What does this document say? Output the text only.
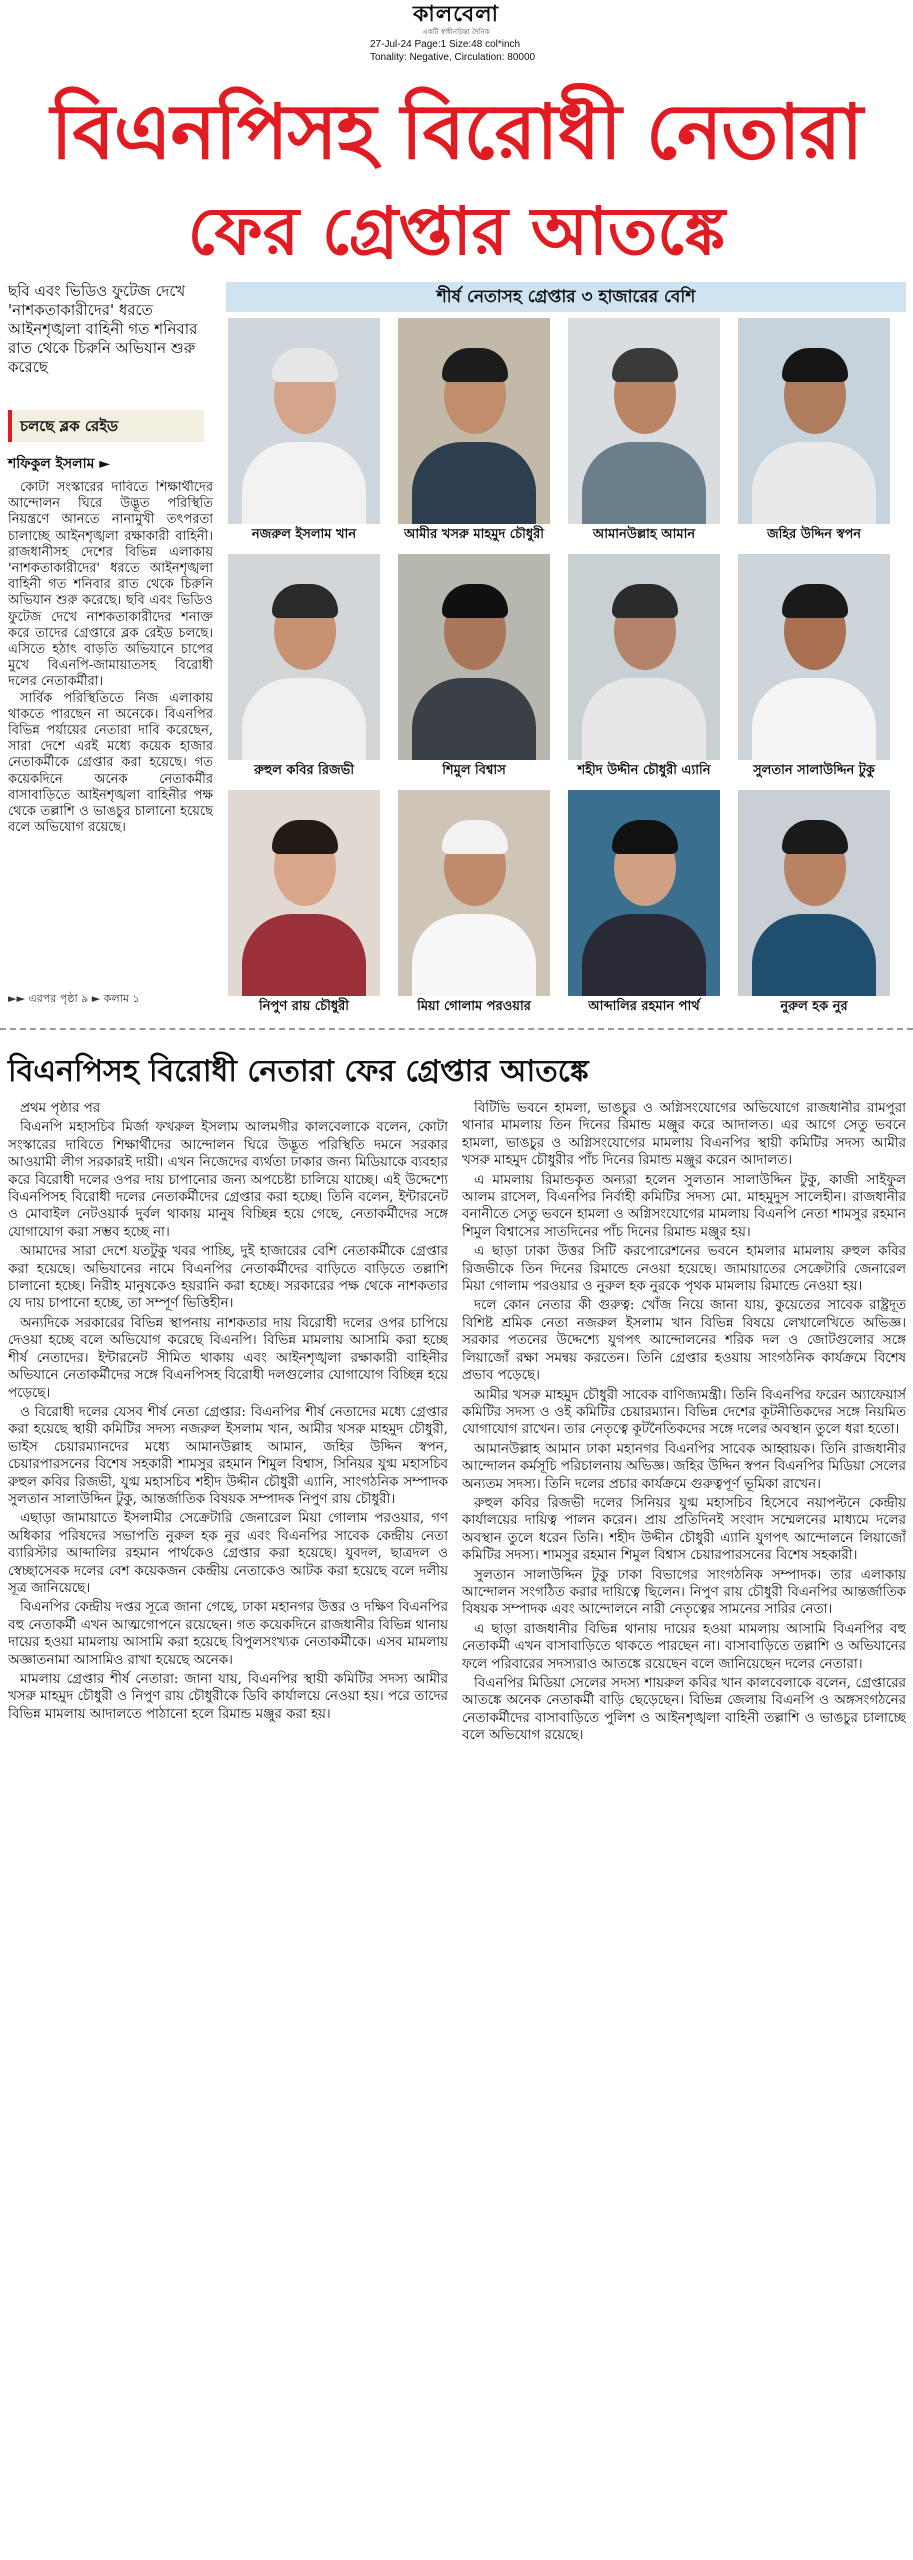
কালবেলা
একটি স্বাধীনচিন্তা দৈনিক
27-Jul-24 Page:1 Size:48 col*inch
Tonality: Negative, Circulation: 80000
বিএনপিসহ বিরোধী নেতারা
ফের গ্রেপ্তার আতঙ্কে
ছবি এবং ভিডিও ফুটেজ দেখে 'নাশকতাকারীদের' ধরতে আইনশৃঙ্খলা বাহিনী গত শনিবার রাত থেকে চিরুনি অভিযান শুরু করেছে
চলছে ব্লক রেইড
শফিকুল ইসলাম ►

কোটা সংস্কারের দাবিতে শিক্ষার্থীদের আন্দোলন ঘিরে উদ্ভূত পরিস্থিতি নিয়ন্ত্রণে আনতে নানামুখী তৎপরতা চালাচ্ছে আইনশৃঙ্খলা রক্ষাকারী বাহিনী। রাজধানীসহ দেশের বিভিন্ন এলাকায় 'নাশকতাকারীদের' ধরতে আইনশৃঙ্খলা বাহিনী গত শনিবার রাত থেকে চিরুনি অভিযান শুরু করেছে। ছবি এবং ভিডিও ফুটেজ দেখে নাশকতাকারীদের শনাক্ত করে তাদের গ্রেপ্তারে ব্লক রেইড চলছে। এসিতে হঠাৎ বাড়তি অভিযানে চাপের মুখে বিএনপি-জামায়াতসহ বিরোধী দলের নেতাকর্মীরা।

সার্বিক পরিস্থিতিতে নিজ এলাকায় থাকতে পারছেন না অনেকে। বিএনপির বিভিন্ন পর্যায়ের নেতারা দাবি করেছেন, সারা দেশে এরই মধ্যে কয়েক হাজার নেতাকর্মীকে গ্রেপ্তার করা হয়েছে। গত কয়েকদিনে অনেক নেতাকর্মীর বাসাবাড়িতে আইনশৃঙ্খলা বাহিনীর পক্ষ থেকে তল্লাশি ও ভাঙচুর চালানো হয়েছে বলে অভিযোগ রয়েছে।

►► এরপর পৃষ্ঠা ৯ ► কলাম ১
শীর্ষ নেতাসহ গ্রেপ্তার ৩ হাজারের বেশি
নজরুল ইসলাম খান	আমীর খসরু মাহমুদ চৌধুরী	আমানউল্লাহ আমান	জহির উদ্দিন স্বপন
রুহুল কবির রিজভী	শিমুল বিশ্বাস	শহীদ উদ্দীন চৌধুরী এ্যানি	সুলতান সালাউদ্দিন টুকু
নিপুণ রায় চৌধুরী	মিয়া গোলাম পরওয়ার	আব্দালির রহমান পার্থ	নুরুল হক নুর
বিএনপিসহ বিরোধী নেতারা ফের গ্রেপ্তার আতঙ্কে

প্রথম পৃষ্ঠার পর

বিএনপি মহাসচিব মির্জা ফখরুল ইসলাম আলমগীর কালবেলাকে বলেন, কোটা সংস্কারের দাবিতে শিক্ষার্থীদের আন্দোলন ঘিরে উদ্ভূত পরিস্থিতি দমনে সরকার আওয়ামী লীগ সরকারই দায়ী। এখন নিজেদের ব্যর্থতা ঢাকার জন্য মিডিয়াকে ব্যবহার করে বিরোধী দলের ওপর দায় চাপানোর জন্য অপচেষ্টা চালিয়ে যাচ্ছে। এই উদ্দেশ্যে বিএনপিসহ বিরোধী দলের নেতাকর্মীদের গ্রেপ্তার করা হচ্ছে। তিনি বলেন, ইন্টারনেট ও মোবাইল নেটওয়ার্ক দুর্বল থাকায় মানুষ বিচ্ছিন্ন হয়ে গেছে, নেতাকর্মীদের সঙ্গে যোগাযোগ করা সম্ভব হচ্ছে না।

আমাদের সারা দেশে যতটুকু খবর পাচ্ছি, দুই হাজারের বেশি নেতাকর্মীকে গ্রেপ্তার করা হয়েছে। অভিযানের নামে বিএনপির নেতাকর্মীদের বাড়িতে বাড়িতে তল্লাশি চালানো হচ্ছে। নিরীহ মানুষকেও হয়রানি করা হচ্ছে। সরকারের পক্ষ থেকে নাশকতার যে দায় চাপানো হচ্ছে, তা সম্পূর্ণ ভিত্তিহীন।

অন্যদিকে সরকারের বিভিন্ন স্থাপনায় নাশকতার দায় বিরোধী দলের ওপর চাপিয়ে দেওয়া হচ্ছে বলে অভিযোগ করেছে বিএনপি। বিভিন্ন মামলায় আসামি করা হচ্ছে শীর্ষ নেতাদের। ইন্টারনেট সীমিত থাকায় এবং আইনশৃঙ্খলা রক্ষাকারী বাহিনীর অভিযানে নেতাকর্মীদের সঙ্গে বিএনপিসহ বিরোধী দলগুলোর যোগাযোগ বিচ্ছিন্ন হয়ে পড়েছে।

ও বিরোধী দলের যেসব শীর্ষ নেতা গ্রেপ্তার: বিএনপির শীর্ষ নেতাদের মধ্যে গ্রেপ্তার করা হয়েছে স্থায়ী কমিটির সদস্য নজরুল ইসলাম খান, আমীর খসরু মাহমুদ চৌধুরী, ভাইস চেয়ারম্যানদের মধ্যে আমানউল্লাহ আমান, জহির উদ্দিন স্বপন, চেয়ারপারসনের বিশেষ সহকারী শামসুর রহমান শিমুল বিশ্বাস, সিনিয়র যুগ্ম মহাসচিব রুহুল কবির রিজভী, যুগ্ম মহাসচিব শহীদ উদ্দীন চৌধুরী এ্যানি, সাংগঠনিক সম্পাদক সুলতান সালাউদ্দিন টুকু, আন্তর্জাতিক বিষয়ক সম্পাদক নিপুণ রায় চৌধুরী।

এছাড়া জামায়াতে ইসলামীর সেক্রেটারি জেনারেল মিয়া গোলাম পরওয়ার, গণ অধিকার পরিষদের সভাপতি নুরুল হক নুর এবং বিএনপির সাবেক কেন্দ্রীয় নেতা ব্যারিস্টার আব্দালির রহমান পার্থকেও গ্রেপ্তার করা হয়েছে। যুবদল, ছাত্রদল ও স্বেচ্ছাসেবক দলের বেশ কয়েকজন কেন্দ্রীয় নেতাকেও আটক করা হয়েছে বলে দলীয় সূত্র জানিয়েছে।

বিএনপির কেন্দ্রীয় দপ্তর সূত্রে জানা গেছে, ঢাকা মহানগর উত্তর ও দক্ষিণ বিএনপির বহু নেতাকর্মী এখন আত্মগোপনে রয়েছেন। গত কয়েকদিনে রাজধানীর বিভিন্ন থানায় দায়ের হওয়া মামলায় আসামি করা হয়েছে বিপুলসংখ্যক নেতাকর্মীকে। এসব মামলায় অজ্ঞাতনামা আসামিও রাখা হয়েছে অনেক।

মামলায় গ্রেপ্তার শীর্ষ নেতারা: জানা যায়, বিএনপির স্থায়ী কমিটির সদস্য আমীর খসরু মাহমুদ চৌধুরী ও নিপুণ রায় চৌধুরীকে ডিবি কার্যালয়ে নেওয়া হয়। পরে তাদের বিভিন্ন মামলায় আদালতে পাঠানো হলে রিমান্ড মঞ্জুর করা হয়।

বিটিভি ভবনে হামলা, ভাঙচুর ও অগ্নিসংযোগের অভিযোগে রাজধানীর রামপুরা থানার মামলায় তিন দিনের রিমান্ড মঞ্জুর করে আদালত। এর আগে সেতু ভবনে হামলা, ভাঙচুর ও অগ্নিসংযোগের মামলায় বিএনপির স্থায়ী কমিটির সদস্য আমীর খসরু মাহমুদ চৌধুরীর পাঁচ দিনের রিমান্ড মঞ্জুর করেন আদালত।

এ মামলায় রিমান্ডকৃত অন্যরা হলেন সুলতান সালাউদ্দিন টুকু, কাজী সাইফুল আলম রাসেল, বিএনপির নির্বাহী কমিটির সদস্য মো. মাহমুদুস সালেহীন। রাজধানীর বনানীতে সেতু ভবনে হামলা ও অগ্নিসংযোগের মামলায় বিএনপি নেতা শামসুর রহমান শিমুল বিশ্বাসের সাতদিনের পাঁচ দিনের রিমান্ড মঞ্জুর হয়।

এ ছাড়া ঢাকা উত্তর সিটি করপোরেশনের ভবনে হামলার মামলায় রুহুল কবির রিজভীকে তিন দিনের রিমান্ডে নেওয়া হয়েছে। জামায়াতের সেক্রেটারি জেনারেল মিয়া গোলাম পরওয়ার ও নুরুল হক নুরকে পৃথক মামলায় রিমান্ডে নেওয়া হয়।

দলে কোন নেতার কী গুরুত্ব: খোঁজ নিয়ে জানা যায়, কুয়েতের সাবেক রাষ্ট্রদূত বিশিষ্ট শ্রমিক নেতা নজরুল ইসলাম খান বিভিন্ন বিষয়ে লেখালেখিতে অভিজ্ঞ। সরকার পতনের উদ্দেশ্যে যুগপৎ আন্দোলনের শরিক দল ও জোটগুলোর সঙ্গে লিয়াজোঁ রক্ষা সমন্বয় করতেন। তিনি গ্রেপ্তার হওয়ায় সাংগঠনিক কার্যক্রমে বিশেষ প্রভাব পড়েছে।

আমীর খসরু মাহমুদ চৌধুরী সাবেক বাণিজ্যমন্ত্রী। তিনি বিএনপির ফরেন অ্যাফেয়ার্স কমিটির সদস্য ও ওই কমিটির চেয়ারম্যান। বিভিন্ন দেশের কূটনীতিকদের সঙ্গে নিয়মিত যোগাযোগ রাখেন। তার নেতৃত্বে কূটনৈতিকদের সঙ্গে দলের অবস্থান তুলে ধরা হতো।

আমানউল্লাহ আমান ঢাকা মহানগর বিএনপির সাবেক আহ্বায়ক। তিনি রাজধানীর আন্দোলন কর্মসূচি পরিচালনায় অভিজ্ঞ। জহির উদ্দিন স্বপন বিএনপির মিডিয়া সেলের অন্যতম সদস্য। তিনি দলের প্রচার কার্যক্রমে গুরুত্বপূর্ণ ভূমিকা রাখেন।

রুহুল কবির রিজভী দলের সিনিয়র যুগ্ম মহাসচিব হিসেবে নয়াপল্টনে কেন্দ্রীয় কার্যালয়ের দায়িত্ব পালন করেন। প্রায় প্রতিদিনই সংবাদ সম্মেলনের মাধ্যমে দলের অবস্থান তুলে ধরেন তিনি। শহীদ উদ্দীন চৌধুরী এ্যানি যুগপৎ আন্দোলনে লিয়াজোঁ কমিটির সদস্য। শামসুর রহমান শিমুল বিশ্বাস চেয়ারপারসনের বিশেষ সহকারী।

সুলতান সালাউদ্দিন টুকু ঢাকা বিভাগের সাংগঠনিক সম্পাদক। তার এলাকায় আন্দোলন সংগঠিত করার দায়িত্বে ছিলেন। নিপুণ রায় চৌধুরী বিএনপির আন্তর্জাতিক বিষয়ক সম্পাদক এবং আন্দোলনে নারী নেতৃত্বের সামনের সারির নেতা।

এ ছাড়া রাজধানীর বিভিন্ন থানায় দায়ের হওয়া মামলায় আসামি বিএনপির বহু নেতাকর্মী এখন বাসাবাড়িতে থাকতে পারছেন না। বাসাবাড়িতে তল্লাশি ও অভিযানের ফলে পরিবারের সদস্যরাও আতঙ্কে রয়েছেন বলে জানিয়েছেন দলের নেতারা।

বিএনপির মিডিয়া সেলের সদস্য শায়রুল কবির খান কালবেলাকে বলেন, গ্রেপ্তারের আতঙ্কে অনেক নেতাকর্মী বাড়ি ছেড়েছেন। বিভিন্ন জেলায় বিএনপি ও অঙ্গসংগঠনের নেতাকর্মীদের বাসাবাড়িতে পুলিশ ও আইনশৃঙ্খলা বাহিনী তল্লাশি ও ভাঙচুর চালাচ্ছে বলে অভিযোগ রয়েছে।
